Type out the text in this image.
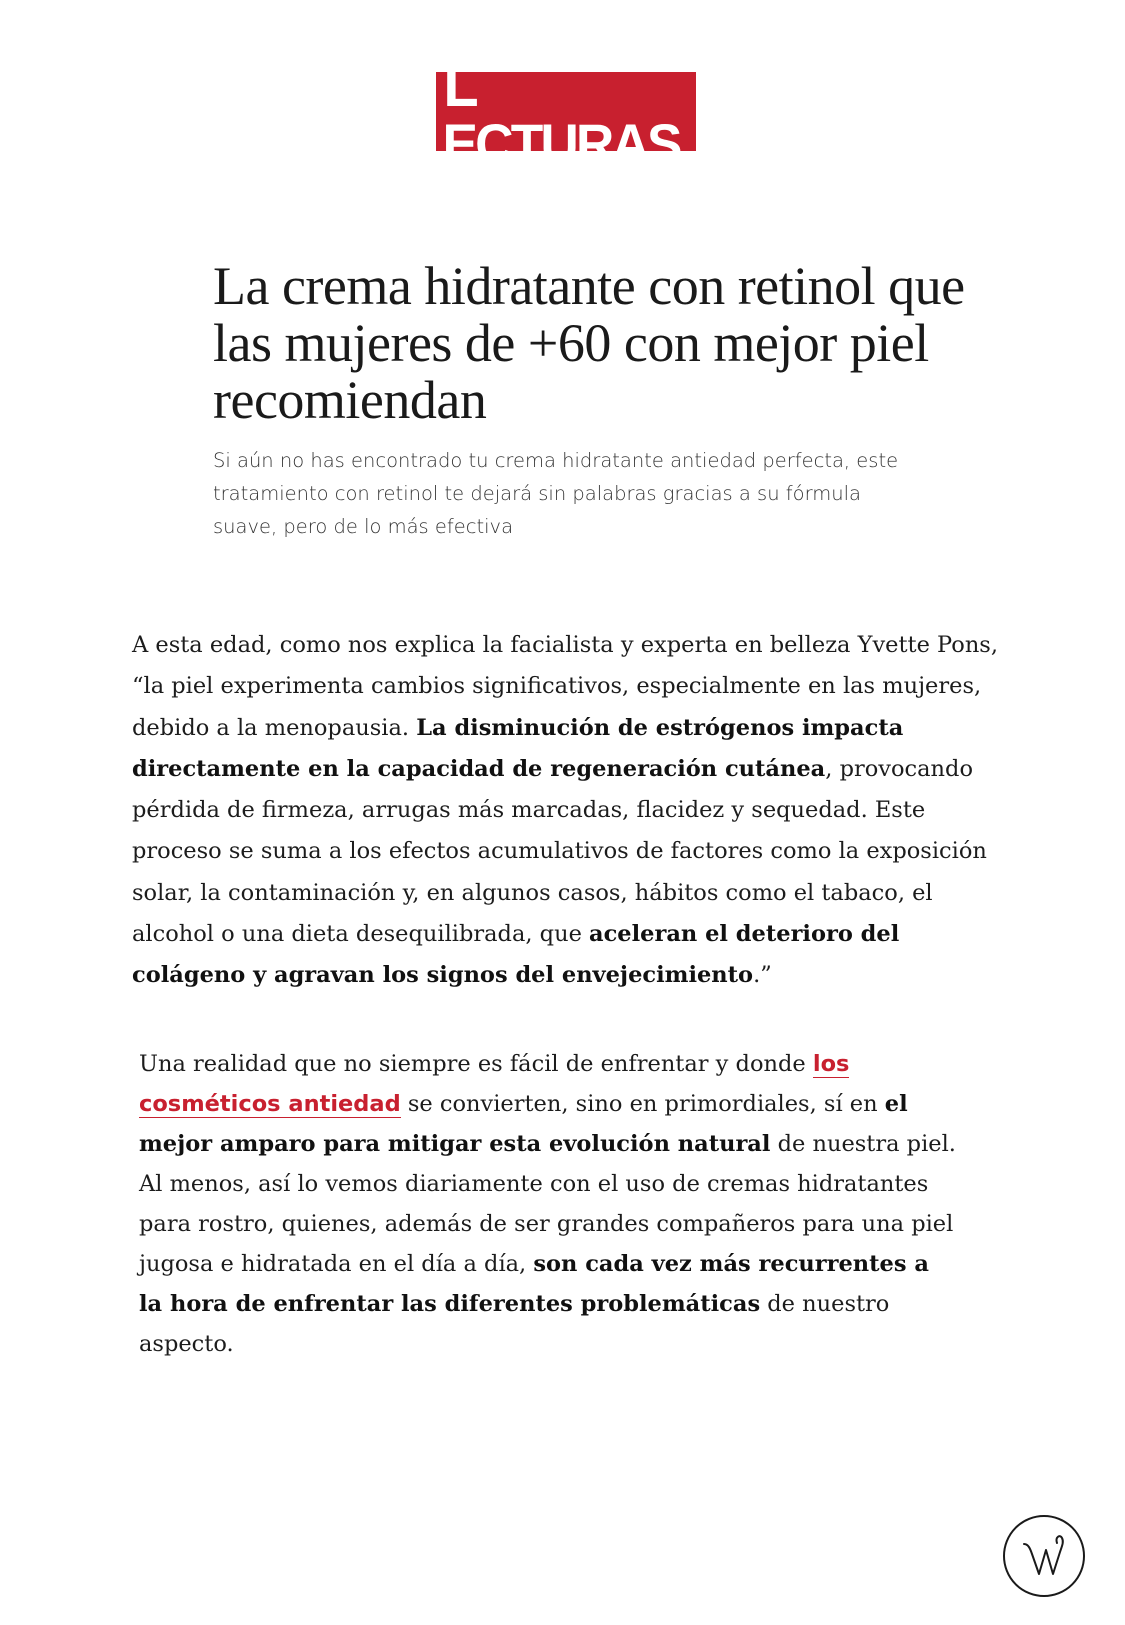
LECTURAS
La crema hidratante con retinol que las mujeres de +60 con mejor piel recomiendan

Si aún no has encontrado tu crema hidratante antiedad perfecta, este tratamiento con retinol te dejará sin palabras gracias a su fórmula suave, pero de lo más efectiva

A esta edad, como nos explica la facialista y experta en belleza Yvette Pons, “la piel experimenta cambios significativos, especialmente en las mujeres, debido a la menopausia. La disminución de estrógenos impacta directamente en la capacidad de regeneración cutánea, provocando pérdida de firmeza, arrugas más marcadas, flacidez y sequedad. Este proceso se suma a los efectos acumulativos de factores como la exposición solar, la contaminación y, en algunos casos, hábitos como el tabaco, el alcohol o una dieta desequilibrada, que aceleran el deterioro del colágeno y agravan los signos del envejecimiento.”

Una realidad que no siempre es fácil de enfrentar y donde los cosméticos antiedad se convierten, sino en primordiales, sí en el mejor amparo para mitigar esta evolución natural de nuestra piel. Al menos, así lo vemos diariamente con el uso de cremas hidratantes para rostro, quienes, además de ser grandes compañeros para una piel jugosa e hidratada en el día a día, son cada vez más recurrentes a la hora de enfrentar las diferentes problemáticas de nuestro aspecto.
